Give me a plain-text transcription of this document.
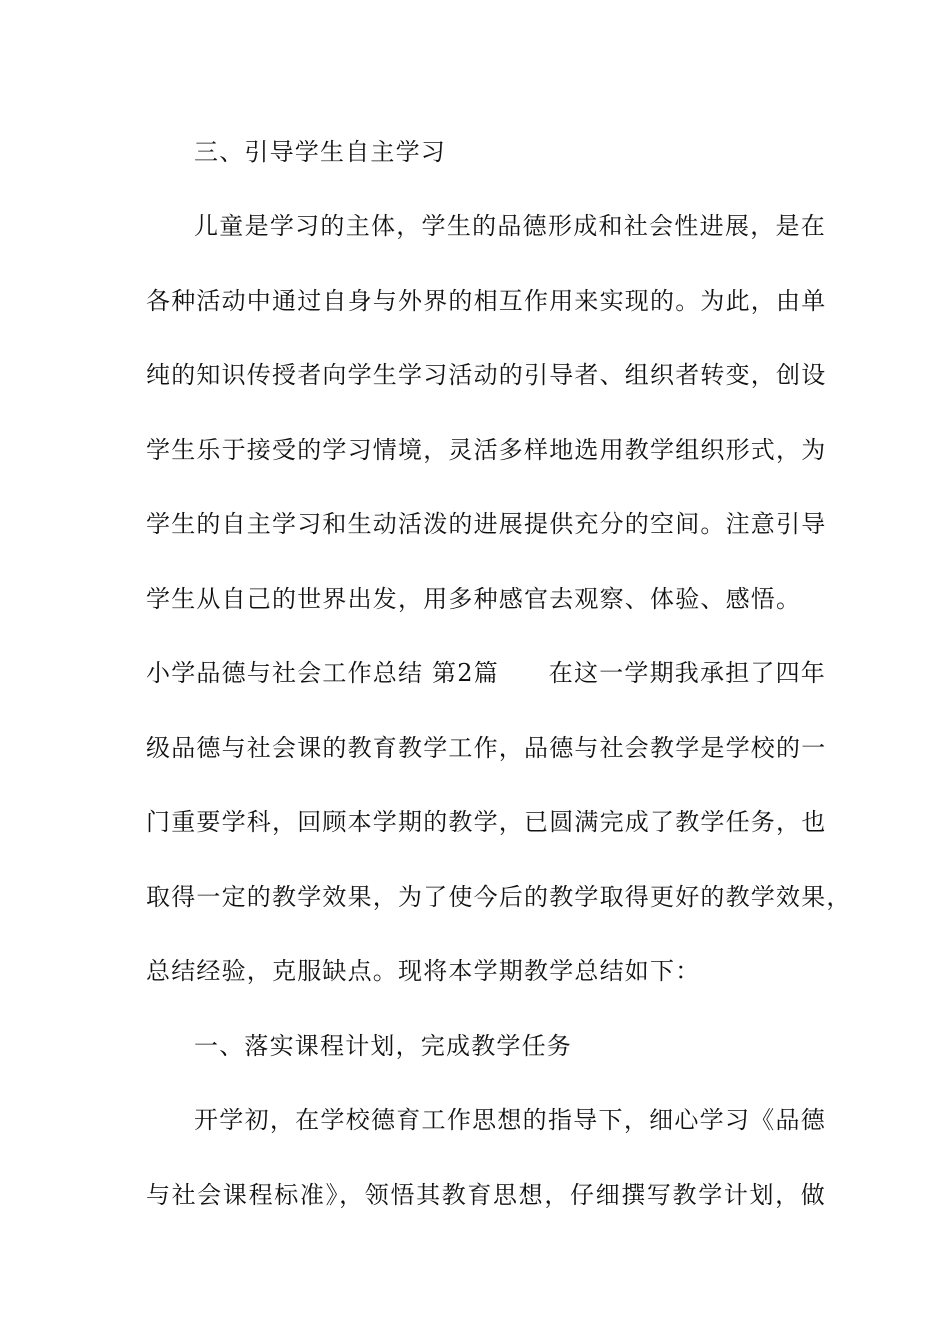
三、引导学生自主学习
儿童是学习的主体，学生的品德形成和社会性进展，是在
各种活动中通过自身与外界的相互作用来实现的。为此，由单
纯的知识传授者向学生学习活动的引导者、组织者转变，创设
学生乐于接受的学习情境，灵活多样地选用教学组织形式，为
学生的自主学习和生动活泼的进展提供充分的空间。注意引导
学生从自己的世界出发，用多种感官去观察、体验、感悟。
小学品德与社会工作总结 第2篇 在这一学期我承担了四年
级品德与社会课的教育教学工作，品德与社会教学是学校的一
门重要学科，回顾本学期的教学，已圆满完成了教学任务，也
取得一定的教学效果，为了使今后的教学取得更好的教学效果，
总结经验，克服缺点。现将本学期教学总结如下：
一、落实课程计划，完成教学任务
开学初，在学校德育工作思想的指导下，细心学习《品德
与社会课程标准》，领悟其教育思想，仔细撰写教学计划，做
